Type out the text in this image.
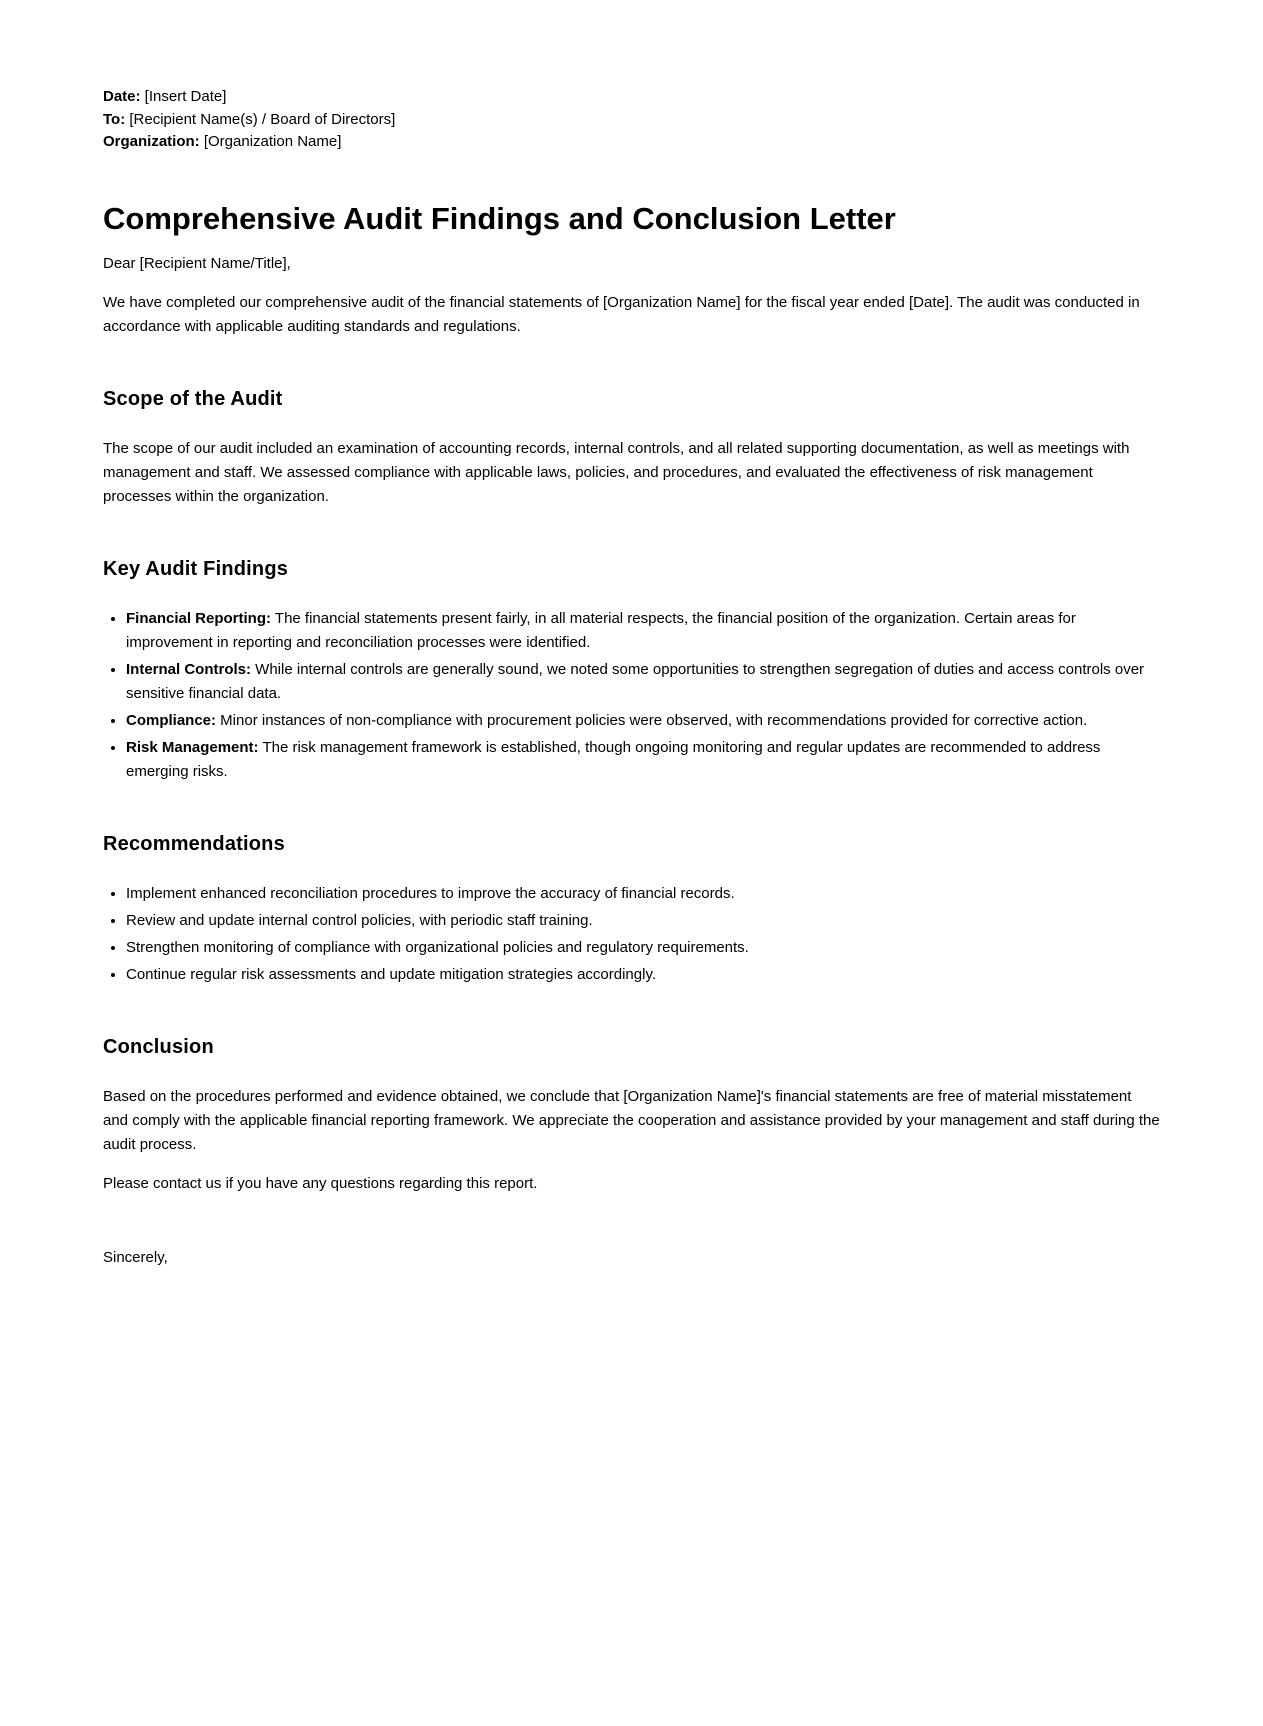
Date: [Insert Date]

To: [Recipient Name(s) / Board of Directors]

Organization: [Organization Name]

Comprehensive Audit Findings and Conclusion Letter

Dear [Recipient Name/Title],

We have completed our comprehensive audit of the financial statements of [Organization Name] for the fiscal year ended [Date]. The audit was conducted in accordance with applicable auditing standards and regulations.

Scope of the Audit

The scope of our audit included an examination of accounting records, internal controls, and all related supporting documentation, as well as meetings with management and staff. We assessed compliance with applicable laws, policies, and procedures, and evaluated the effectiveness of risk management processes within the organization.

Key Audit Findings
• Financial Reporting: The financial statements present fairly, in all material respects, the financial position of the organization. Certain areas for improvement in reporting and reconciliation processes were identified.
• Internal Controls: While internal controls are generally sound, we noted some opportunities to strengthen segregation of duties and access controls over sensitive financial data.
• Compliance: Minor instances of non-compliance with procurement policies were observed, with recommendations provided for corrective action.
• Risk Management: The risk management framework is established, though ongoing monitoring and regular updates are recommended to address emerging risks.
Recommendations
• Implement enhanced reconciliation procedures to improve the accuracy of financial records.
• Review and update internal control policies, with periodic staff training.
• Strengthen monitoring of compliance with organizational policies and regulatory requirements.
• Continue regular risk assessments and update mitigation strategies accordingly.
Conclusion

Based on the procedures performed and evidence obtained, we conclude that [Organization Name]'s financial statements are free of material misstatement and comply with the applicable financial reporting framework. We appreciate the cooperation and assistance provided by your management and staff during the audit process.

Please contact us if you have any questions regarding this report.

Sincerely,
